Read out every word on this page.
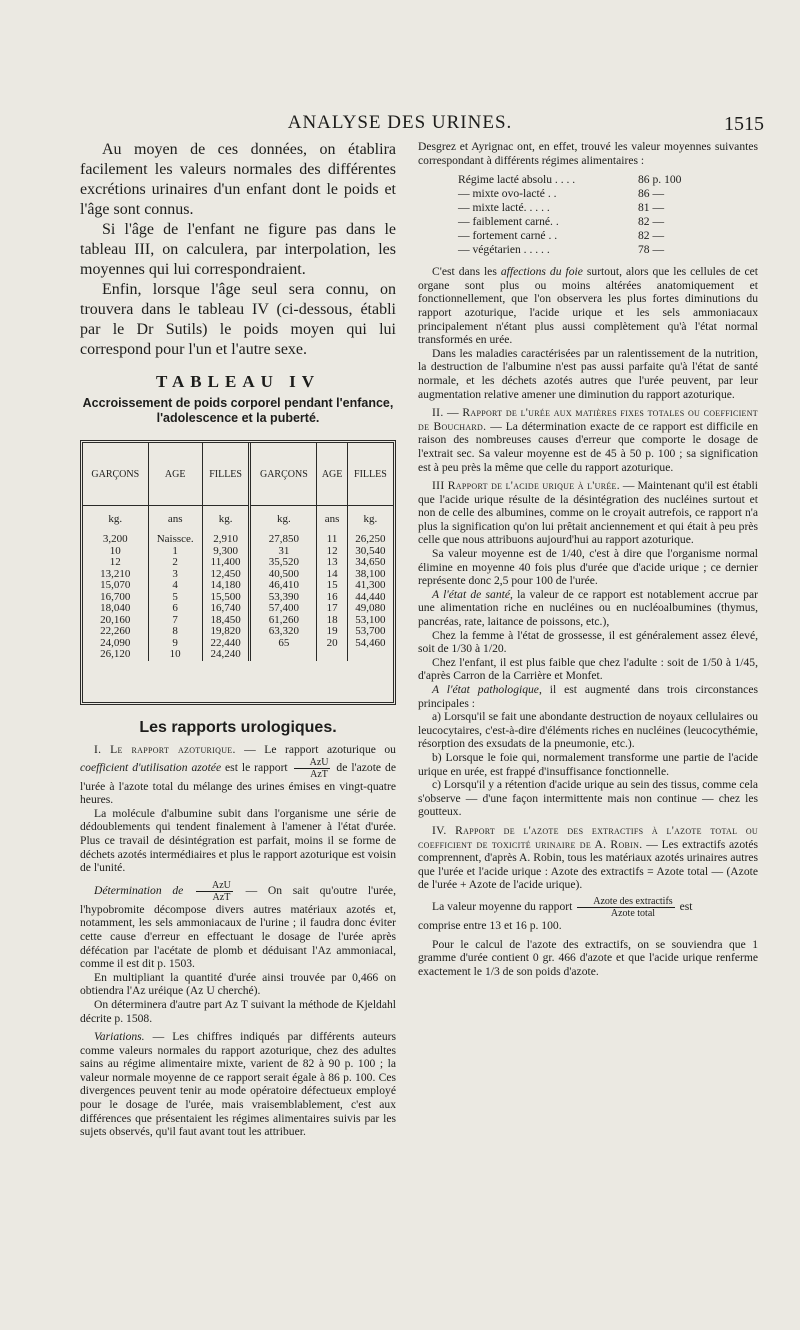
ANALYSE DES URINES.	1515

Au moyen de ces données, on établira facilement les valeurs normales des différentes excrétions urinaires d'un enfant dont le poids et l'âge sont connus.

Si l'âge de l'enfant ne figure pas dans le tableau III, on calculera, par interpolation, les moyennes qui lui correspondraient.

Enfin, lorsque l'âge seul sera connu, on trouvera dans le tableau IV (ci-dessous, établi par le Dr Sutils) le poids moyen qui lui correspond pour l'un et l'autre sexe.

TABLEAU IV
Accroissement de poids corporel pendant l'enfance, l'adolescence et la puberté.
GARÇONS	AGE	FILLES	GARÇONS	AGE	FILLES
kg.	ans	kg.	kg.	ans	kg.
3,200	Naissce.	2,910	27,850	11	26,250
10	1	9,300	31	12	30,540
12	2	11,400	35,520	13	34,650
13,210	3	12,450	40,500	14	38,100
15,070	4	14,180	46,410	15	41,300
16,700	5	15,500	53,390	16	44,440
18,040	6	16,740	57,400	17	49,080
20,160	7	18,450	61,260	18	53,100
22,260	8	19,820	63,320	19	53,700
24,090	9	22,440	65	20	54,460
26,120	10	24,240			
Les rapports urologiques.

I. Le rapport azoturique. — Le rapport azoturique ou coefficient d'utilisation azotée est le rapport $\frac{\text{AzU}}{\text{AzT}}$ de l'azote de l'urée à l'azote total du mélange des urines émises en vingt-quatre heures.

La molécule d'albumine subit dans l'organisme une série de dédoublements qui tendent finalement à l'amener à l'état d'urée. Plus ce travail de désintégration est parfait, moins il se forme de déchets azotés intermédiaires et plus le rapport azoturique est voisin de l'unité.

Détermination de $\frac{\text{AzU}}{\text{AzT}}$ — On sait qu'outre l'urée, l'hypobromite décompose divers autres matériaux azotés et, notamment, les sels ammoniacaux de l'urine ; il faudra donc éviter cette cause d'erreur en effectuant le dosage de l'urée après défécation par l'acétate de plomb et déduisant l'Az ammoniacal, comme il est dit p. 1503.

En multipliant la quantité d'urée ainsi trouvée par 0,466 on obtiendra l'Az uréique (Az U cherché).

On déterminera d'autre part Az T suivant la méthode de Kjeldahl décrite p. 1508.

Variations. — Les chiffres indiqués par différents auteurs comme valeurs normales du rapport azoturique, chez des adultes sains au régime alimentaire mixte, varient de 82 à 90 p. 100 ; la valeur normale moyenne de ce rapport serait égale à 86 p. 100. Ces divergences peuvent tenir au mode opératoire défectueux employé pour le dosage de l'urée, mais vraisemblablement, c'est aux différences que présentaient les régimes alimentaires suivis par les sujets observés, qu'il faut avant tout les attribuer.

Desgrez et Ayrignac ont, en effet, trouvé les valeur moyennes suivantes correspondant à différents régimes alimentaires :

Régime lacté absolu . . . .	86 p. 100
— mixte ovo-lacté . .	86 —
— mixte lacté. . . . .	81 —
— faiblement carné. .	82 —
— fortement carné . .	82 —
— végétarien . . . . .	78 —

C'est dans les affections du foie surtout, alors que les cellules de cet organe sont plus ou moins altérées anatomiquement et fonctionnellement, que l'on observera les plus fortes diminutions du rapport azoturique, l'acide urique et les sels ammoniacaux principalement n'étant plus aussi complètement qu'à l'état normal transformés en urée.

Dans les maladies caractérisées par un ralentissement de la nutrition, la destruction de l'albumine n'est pas aussi parfaite qu'à l'état de santé normale, et les déchets azotés autres que l'urée peuvent, par leur augmentation relative amener une diminution du rapport azoturique.

II. — Rapport de l'urée aux matières fixes totales ou coefficient de Bouchard. — La détermination exacte de ce rapport est difficile en raison des nombreuses causes d'erreur que comporte le dosage de l'extrait sec. Sa valeur moyenne est de 45 à 50 p. 100 ; sa signification est à peu près la même que celle du rapport azoturique.

III Rapport de l'acide urique à l'urée. — Maintenant qu'il est établi que l'acide urique résulte de la désintégration des nucléines surtout et non de celle des albumines, comme on le croyait autrefois, ce rapport n'a plus la signification qu'on lui prêtait anciennement et qui était à peu près celle que nous attribuons aujourd'hui au rapport azoturique.

Sa valeur moyenne est de 1/40, c'est à dire que l'organisme normal élimine en moyenne 40 fois plus d'urée que d'acide urique ; ce dernier représente donc 2,5 pour 100 de l'urée.

A l'état de santé, la valeur de ce rapport est notablement accrue par une alimentation riche en nucléines ou en nucléoalbumines (thymus, pancréas, rate, laitance de poissons, etc.),

Chez la femme à l'état de grossesse, il est généralement assez élevé, soit de 1/30 à 1/20.

Chez l'enfant, il est plus faible que chez l'adulte : soit de 1/50 à 1/45, d'après Carron de la Carrière et Monfet.

A l'état pathologique, il est augmenté dans trois circonstances principales :

a) Lorsqu'il se fait une abondante destruction de noyaux cellulaires ou leucocytaires, c'est-à-dire d'éléments riches en nucléines (leucocythémie, résorption des exsudats de la pneumonie, etc.).

b) Lorsque le foie qui, normalement transforme une partie de l'acide urique en urée, est frappé d'insuffisance fonctionnelle.

c) Lorsqu'il y a rétention d'acide urique au sein des tissus, comme cela s'observe — d'une façon intermittente mais non continue — chez les goutteux.

IV. Rapport de l'azote des extractifs à l'azote total ou coefficient de toxicité urinaire de A. Robin. — Les extractifs azotés comprennent, d'après A. Robin, tous les matériaux azotés urinaires autres que l'urée et l'acide urique : Azote des extractifs = Azote total — (Azote de l'urée + Azote de l'acide urique).

La valeur moyenne du rapport $\frac{\text{Azote des extractifs}}{\text{Azote total}}$ est

comprise entre 13 et 16 p. 100.

Pour le calcul de l'azote des extractifs, on se souviendra que 1 gramme d'urée contient 0 gr. 466 d'azote et que l'acide urique renferme exactement le 1/3 de son poids d'azote.
